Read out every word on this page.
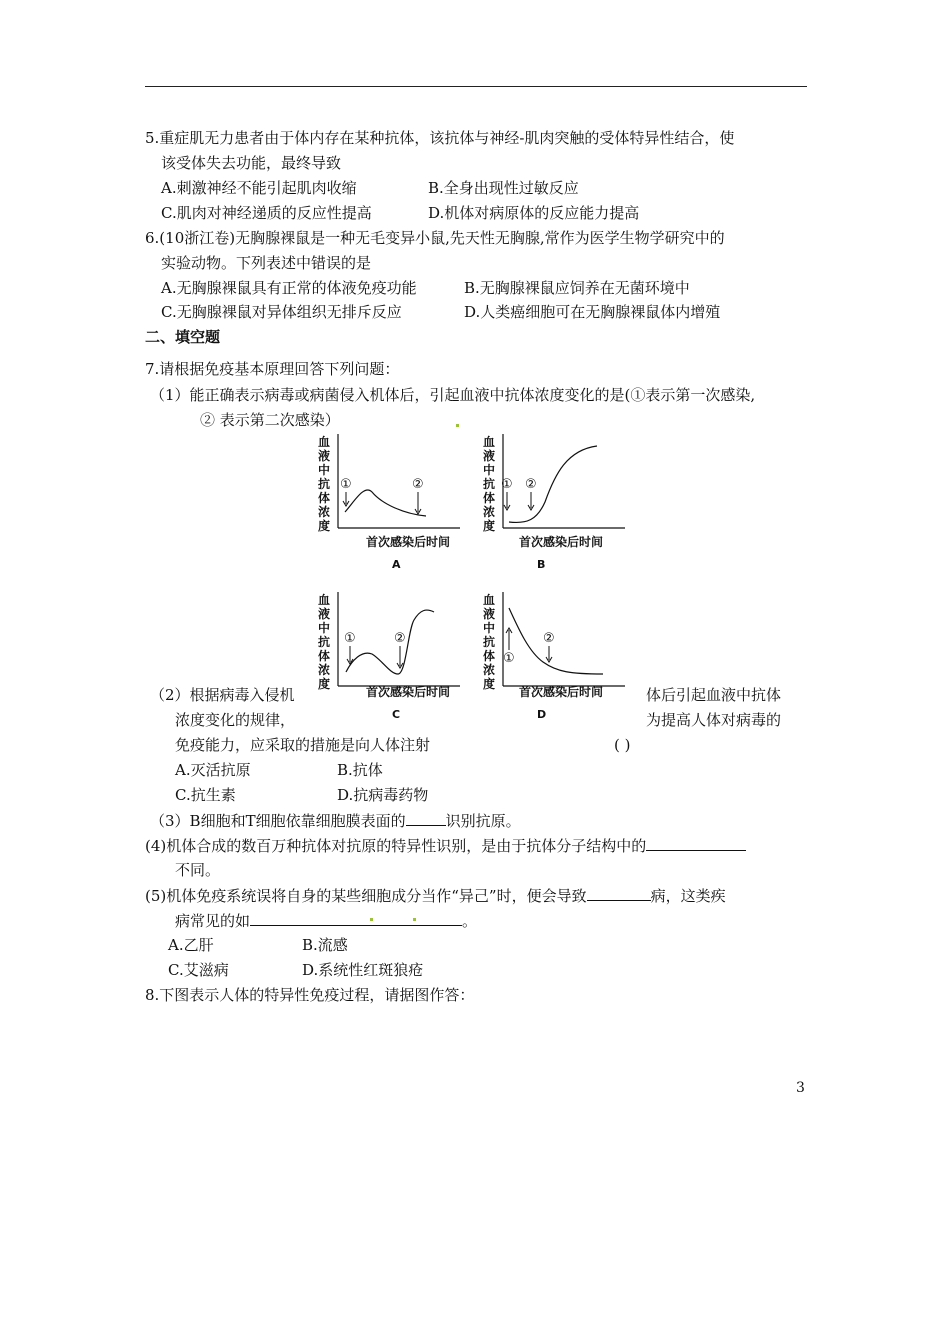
5.重症肌无力患者由于体内存在某种抗体，该抗体与神经-肌肉突触的受体特异性结合，使
该受体失去功能，最终导致
A.刺激神经不能引起肌肉收缩	B.全身出现性过敏反应
C.肌肉对神经递质的反应性提高	D.机体对病原体的反应能力提高
6.(10浙江卷)无胸腺裸鼠是一种无毛变异小鼠,先天性无胸腺,常作为医学生物学研究中的
实验动物。下列表述中错误的是
A.无胸腺裸鼠具有正常的体液免疫功能	B.无胸腺裸鼠应饲养在无菌环境中
C.无胸腺裸鼠对异体组织无排斥反应	D.人类癌细胞可在无胸腺裸鼠体内增殖
二、填空题
7.请根据免疫基本原理回答下列问题：
（1）能正确表示病毒或病菌侵入机体后，引起血液中抗体浓度变化的是(①表示第一次感染,
② 表示第二次感染）
血
液
中
抗
体
浓
度
①	②
首次感染后时间
A
血
液
中
抗
体
浓
度
① ②
首次感染后时间
B
血
液
中
抗
体
浓
度
①	②
首次感染后时间
C
血
液
中
抗
体
浓
度
①
②
首次感染后时间
D
（2）根据病毒入侵机	体后引起血液中抗体
浓度变化的规律，	为提高人体对病毒的
免疫能力，应采取的措施是向人体注射	( )
A.灭活抗原	B.抗体
C.抗生素	D.抗病毒药物
（3）B细胞和T细胞依靠细胞膜表面的	识别抗原。
(4)机体合成的数百万种抗体对抗原的特异性识别，是由于抗体分子结构中的
不同。
(5)机体免疫系统误将自身的某些细胞成分当作“异己”时，便会导致	病，这类疾
病常见的如	。
A.乙肝	B.流感
C.艾滋病	D.系统性红斑狼疮
8.下图表示人体的特异性免疫过程，请据图作答：
3
